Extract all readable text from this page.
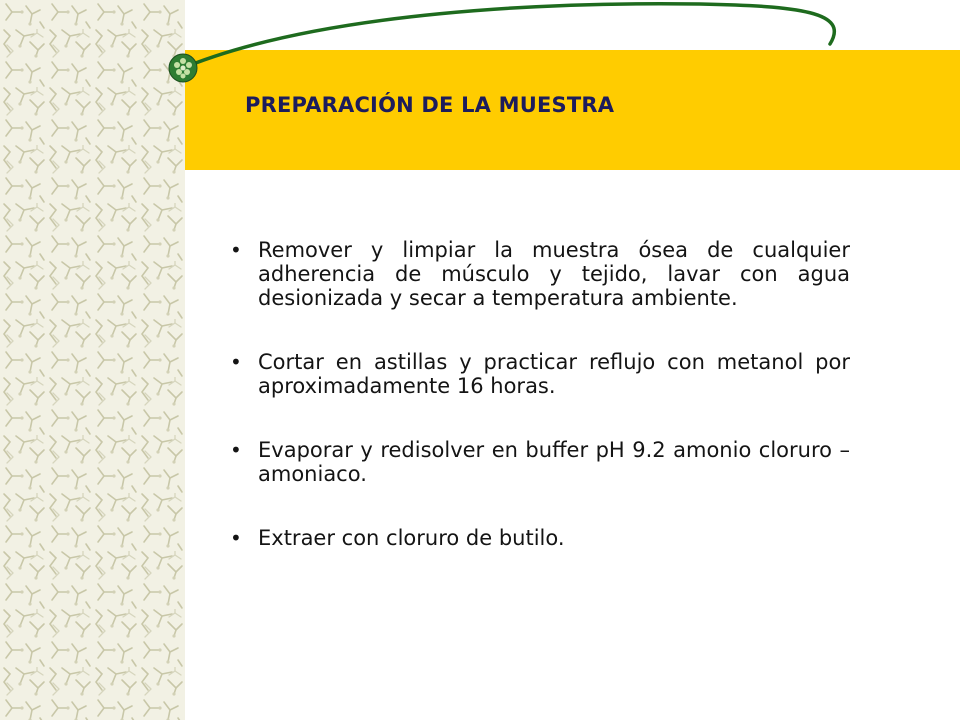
PREPARACIÓN DE LA MUESTRA
• Remover y limpiar la muestra ósea de cualquier adherencia de músculo y tejido, lavar con agua desionizada y secar a temperatura ambiente.
• Cortar en astillas y practicar reflujo con metanol por aproximadamente 16 horas.
• Evaporar y redisolver en buffer pH 9.2 amonio cloruro – amoniaco.
• Extraer con cloruro de butilo.
